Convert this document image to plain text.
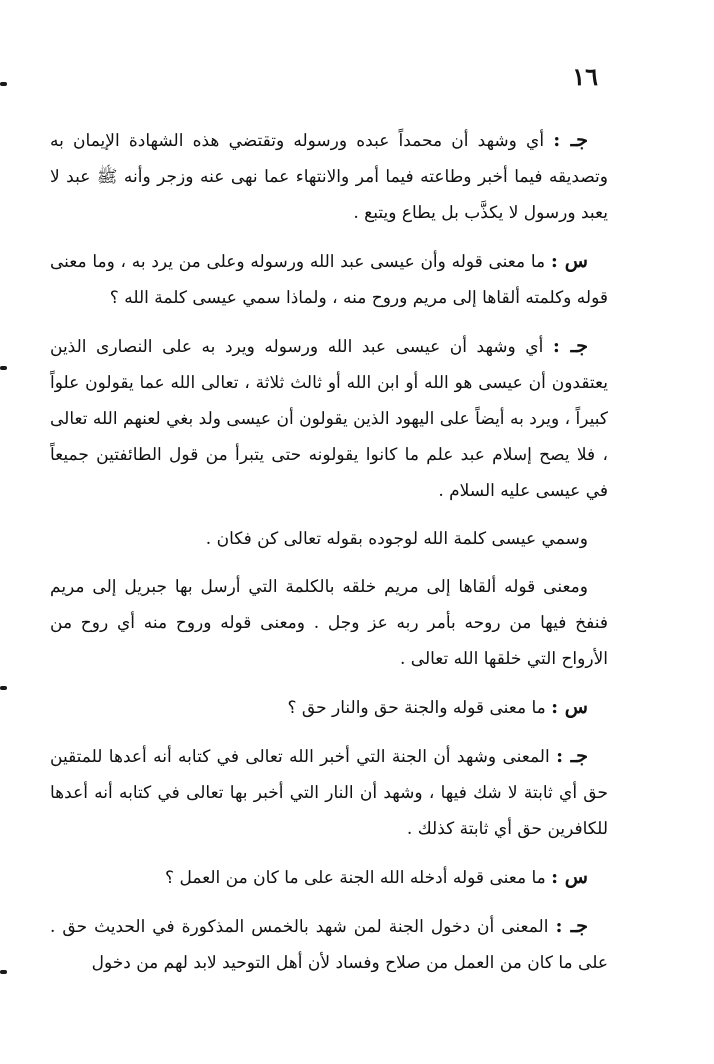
١٦

جـ : أي وشهد أن محمداً عبده ورسوله وتقتضي هذه الشهادة الإيمان به وتصديقه فيما أخبر وطاعته فيما أمر والانتهاء عما نهى عنه وزجر وأنه ﷺ عبد لا يعبد ورسول لا يكذَّب بل يطاع ويتبع .

س : ما معنى قوله وأن عيسى عبد الله ورسوله وعلى من يرد به ، وما معنى قوله وكلمته ألقاها إلى مريم وروح منه ، ولماذا سمي عيسى كلمة الله ؟

جـ : أي وشهد أن عيسى عبد الله ورسوله ويرد به على النصارى الذين يعتقدون أن عيسى هو الله أو ابن الله أو ثالث ثلاثة ، تعالى الله عما يقولون علواً كبيراً ، ويرد به أيضاً على اليهود الذين يقولون أن عيسى ولد بغي لعنهم الله تعالى ، فلا يصح إسلام عبد علم ما كانوا يقولونه حتى يتبرأ من قول الطائفتين جميعاً في عيسى عليه السلام .

وسمي عيسى كلمة الله لوجوده بقوله تعالى كن فكان .

ومعنى قوله ألقاها إلى مريم خلقه بالكلمة التي أرسل بها جبريل إلى مريم فنفخ فيها من روحه بأمر ربه عز وجل . ومعنى قوله وروح منه أي روح من الأرواح التي خلقها الله تعالى .

س : ما معنى قوله والجنة حق والنار حق ؟

جـ : المعنى وشهد أن الجنة التي أخبر الله تعالى في كتابه أنه أعدها للمتقين حق أي ثابتة لا شك فيها ، وشهد أن النار التي أخبر بها تعالى في كتابه أنه أعدها للكافرين حق أي ثابتة كذلك .

س : ما معنى قوله أدخله الله الجنة على ما كان من العمل ؟

جـ : المعنى أن دخول الجنة لمن شهد بالخمس المذكورة في الحديث حق . على ما كان من العمل من صلاح وفساد لأن أهل التوحيد لابد لهم من دخول
